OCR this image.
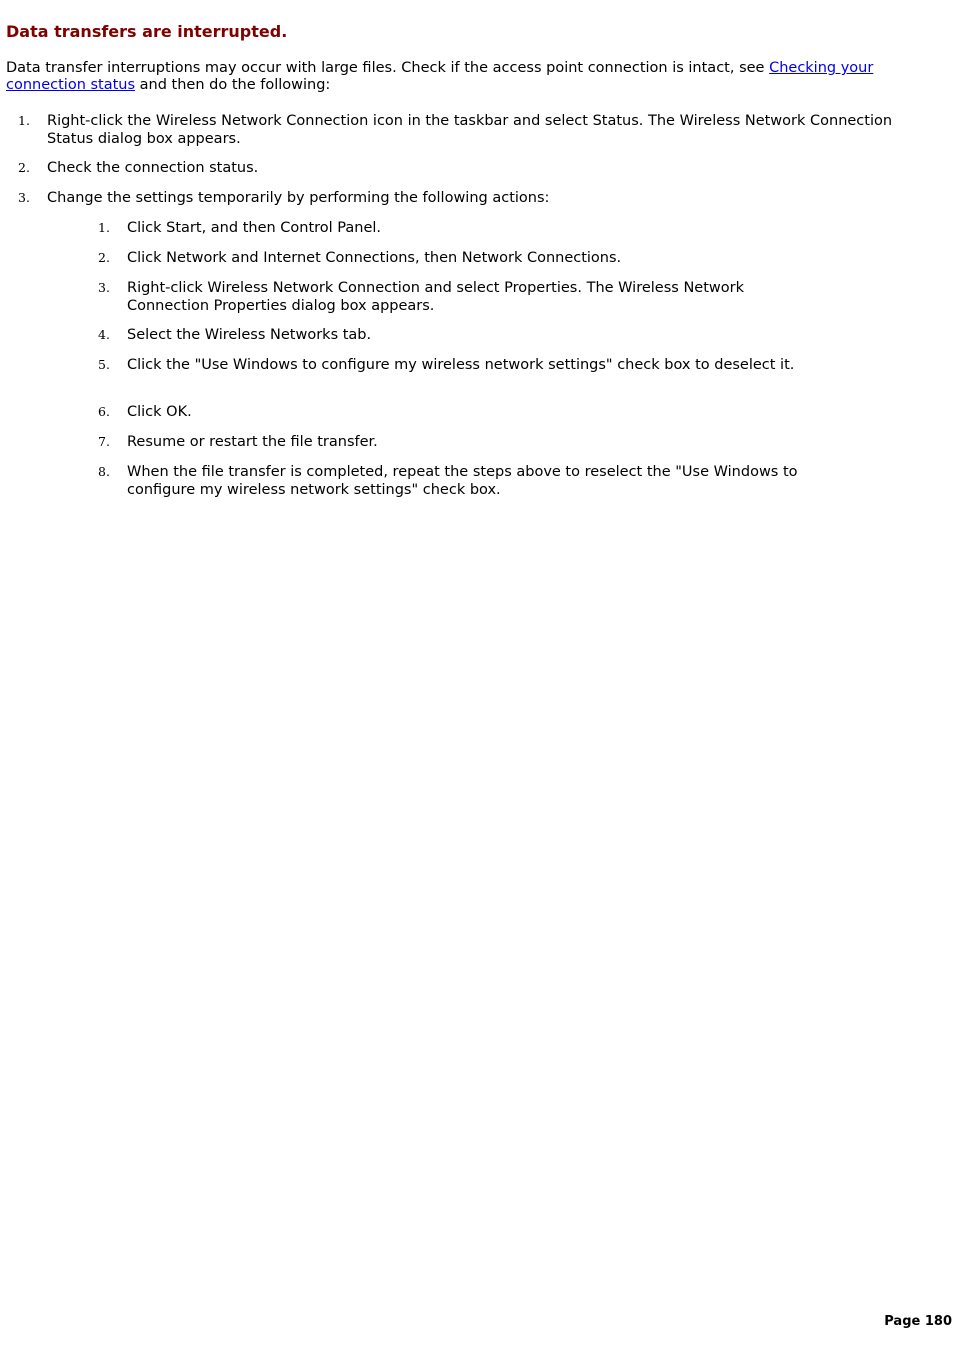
Data transfers are interrupted.

Data transfer interruptions may occur with large files. Check if the access point connection is intact, see Checking your connection status and then do the following:

1. Right-click the Wireless Network Connection icon in the taskbar and select Status. The Wireless Network Connection Status dialog box appears.
2. Check the connection status.
3. Change the settings temporarily by performing the following actions:
1. Click Start, and then Control Panel.
2. Click Network and Internet Connections, then Network Connections.
3. Right-click Wireless Network Connection and select Properties. The Wireless Network Connection Properties dialog box appears.
4. Select the Wireless Networks tab.
5. Click the "Use Windows to configure my wireless network settings" check box to deselect it.
6. Click OK.
7. Resume or restart the file transfer.
8. When the file transfer is completed, repeat the steps above to reselect the "Use Windows to configure my wireless network settings" check box.
Page 180
